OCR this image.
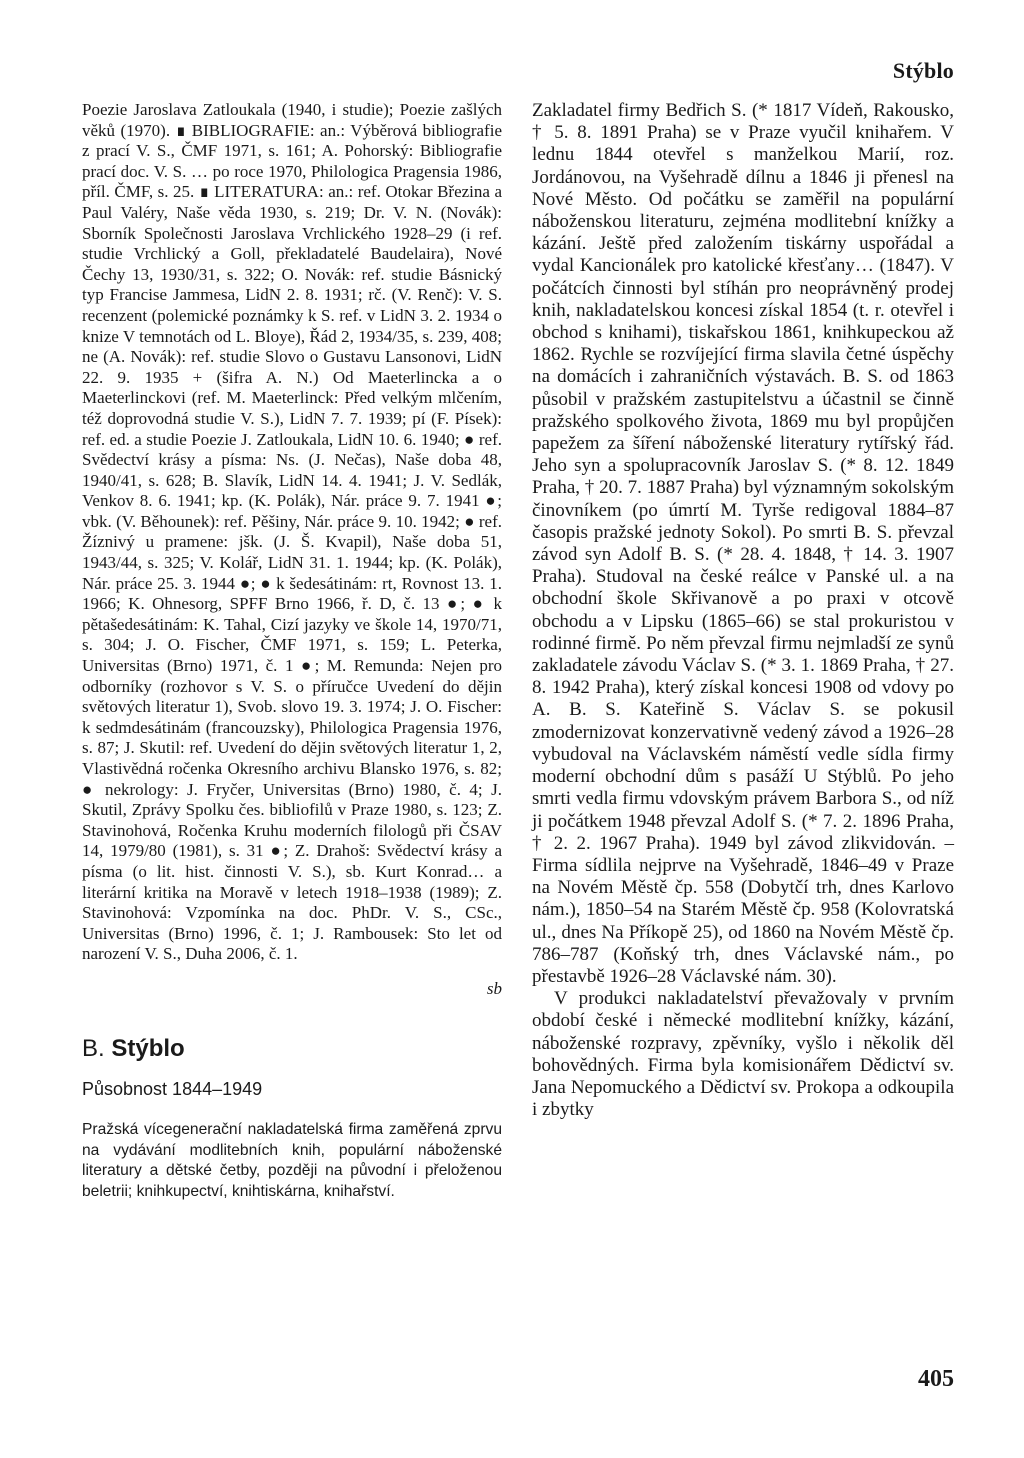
Stýblo

Poezie Jaroslava Zatloukala (1940, i studie); Poezie zašlých věků (1970). ∎ BIBLIOGRAFIE: an.: Výběrová bibliografie z prací V. S., ČMF 1971, s. 161; A. Pohorský: Bibliografie prací doc. V. S. … po roce 1970, Philologica Pragensia 1986, příl. ČMF, s. 25. ∎ LITERATURA: an.: ref. Otokar Březina a Paul Valéry, Naše věda 1930, s. 219; Dr. V. N. (Novák): Sborník Společnosti Jaroslava Vrchlického 1928–29 (i ref. studie Vrchlický a Goll, překladatelé Baudelaira), Nové Čechy 13, 1930/31, s. 322; O. Novák: ref. studie Básnický typ Francise Jammesa, LidN 2. 8. 1931; rč. (V. Renč): V. S. recenzent (polemické poznámky k S. ref. v LidN 3. 2. 1934 o knize V temnotách od L. Bloye), Řád 2, 1934/35, s. 239, 408; ne (A. Novák): ref. studie Slovo o Gustavu Lansonovi, LidN 22. 9. 1935 + (šifra A. N.) Od Maeterlincka a o Maeterlinckovi (ref. M. Maeterlinck: Před velkým mlčením, též doprovodná studie V. S.), LidN 7. 7. 1939; pí (F. Písek): ref. ed. a studie Poezie J. Zatloukala, LidN 10. 6. 1940; ● ref. Svědectví krásy a písma: Ns. (J. Nečas), Naše doba 48, 1940/41, s. 628; B. Slavík, LidN 14. 4. 1941; J. V. Sedlák, Venkov 8. 6. 1941; kp. (K. Polák), Nár. práce 9. 7. 1941 ●; vbk. (V. Běhounek): ref. Pěšiny, Nár. práce 9. 10. 1942; ● ref. Žíznivý u pramene: jšk. (J. Š. Kvapil), Naše doba 51, 1943/44, s. 325; V. Kolář, LidN 31. 1. 1944; kp. (K. Polák), Nár. práce 25. 3. 1944 ●; ● k šedesátinám: rt, Rovnost 13. 1. 1966; K. Ohnesorg, SPFF Brno 1966, ř. D, č. 13 ●; ● k pětašedesátinám: K. Tahal, Cizí jazyky ve škole 14, 1970/71, s. 304; J. O. Fischer, ČMF 1971, s. 159; L. Peterka, Universitas (Brno) 1971, č. 1 ●; M. Remunda: Nejen pro odborníky (rozhovor s V. S. o příručce Uvedení do dějin světových literatur 1), Svob. slovo 19. 3. 1974; J. O. Fischer: k sedmdesátinám (francouzsky), Philologica Pragensia 1976, s. 87; J. Skutil: ref. Uvedení do dějin světových literatur 1, 2, Vlastivědná ročenka Okresního archivu Blansko 1976, s. 82; ● nekrology: J. Fryčer, Universitas (Brno) 1980, č. 4; J. Skutil, Zprávy Spolku čes. bibliofilů v Praze 1980, s. 123; Z. Stavinohová, Ročenka Kruhu moderních filologů při ČSAV 14, 1979/80 (1981), s. 31 ●; Z. Drahoš: Svědectví krásy a písma (o lit. hist. činnosti V. S.), sb. Kurt Konrad… a literární kritika na Moravě v letech 1918–1938 (1989); Z. Stavinohová: Vzpomínka na doc. PhDr. V. S., CSc., Universitas (Brno) 1996, č. 1; J. Rambousek: Sto let od narození V. S., Duha 2006, č. 1.

sb

B. Stýblo

Působnost 1844–1949

Pražská vícegenerační nakladatelská firma zaměřená zprvu na vydávání modlitebních knih, populární náboženské literatury a dětské četby, později na původní i přeloženou beletrii; knihkupectví, knihtiskárna, knihařství.

Zakladatel firmy Bedřich S. (* 1817 Vídeň, Rakousko, † 5. 8. 1891 Praha) se v Praze vyučil knihařem. V lednu 1844 otevřel s manželkou Marií, roz. Jordánovou, na Vyšehradě dílnu a 1846 ji přenesl na Nové Město. Od počátku se zaměřil na populární náboženskou literaturu, zejména modlitební knížky a kázání. Ještě před založením tiskárny uspořádal a vydal Kancionálek pro katolické křesťany… (1847). V počátcích činnosti byl stíhán pro neoprávněný prodej knih, nakladatelskou koncesi získal 1854 (t. r. otevřel i obchod s knihami), tiskařskou 1861, knihkupeckou až 1862. Rychle se rozvíjející firma slavila četné úspěchy na domácích i zahraničních výstavách. B. S. od 1863 působil v pražském zastupitelstvu a účastnil se činně pražského spolkového života, 1869 mu byl propůjčen papežem za šíření náboženské literatury rytířský řád. Jeho syn a spolupracovník Jaroslav S. (* 8. 12. 1849 Praha, † 20. 7. 1887 Praha) byl významným sokolským činovníkem (po úmrtí M. Tyrše redigoval 1884–87 časopis pražské jednoty Sokol). Po smrti B. S. převzal závod syn Adolf B. S. (* 28. 4. 1848, † 14. 3. 1907 Praha). Studoval na české reálce v Panské ul. a na obchodní škole Skřivanově a po praxi v otcově obchodu a v Lipsku (1865–66) se stal prokuristou v rodinné firmě. Po něm převzal firmu nejmladší ze synů zakladatele závodu Václav S. (* 3. 1. 1869 Praha, † 27. 8. 1942 Praha), který získal koncesi 1908 od vdovy po A. B. S. Kateřině S. Václav S. se pokusil zmodernizovat konzervativně vedený závod a 1926–28 vybudoval na Václavském náměstí vedle sídla firmy moderní obchodní dům s pasáží U Stýblů. Po jeho smrti vedla firmu vdovským právem Barbora S., od níž ji počátkem 1948 převzal Adolf S. (* 7. 2. 1896 Praha, † 2. 2. 1967 Praha). 1949 byl závod zlikvidován. – Firma sídlila nejprve na Vyšehradě, 1846–49 v Praze na Novém Městě čp. 558 (Dobytčí trh, dnes Karlovo nám.), 1850–54 na Starém Městě čp. 958 (Kolovratská ul., dnes Na Příkopě 25), od 1860 na Novém Městě čp. 786–787 (Koňský trh, dnes Václavské nám., po přestavbě 1926–28 Václavské nám. 30).

V produkci nakladatelství převažovaly v prvním období české i německé modlitební knížky, kázání, náboženské rozpravy, zpěvníky, vyšlo i několik děl bohovědných. Firma byla komisionářem Dědictví sv. Jana Nepomuckého a Dědictví sv. Prokopa a odkoupila i zbytky

405
